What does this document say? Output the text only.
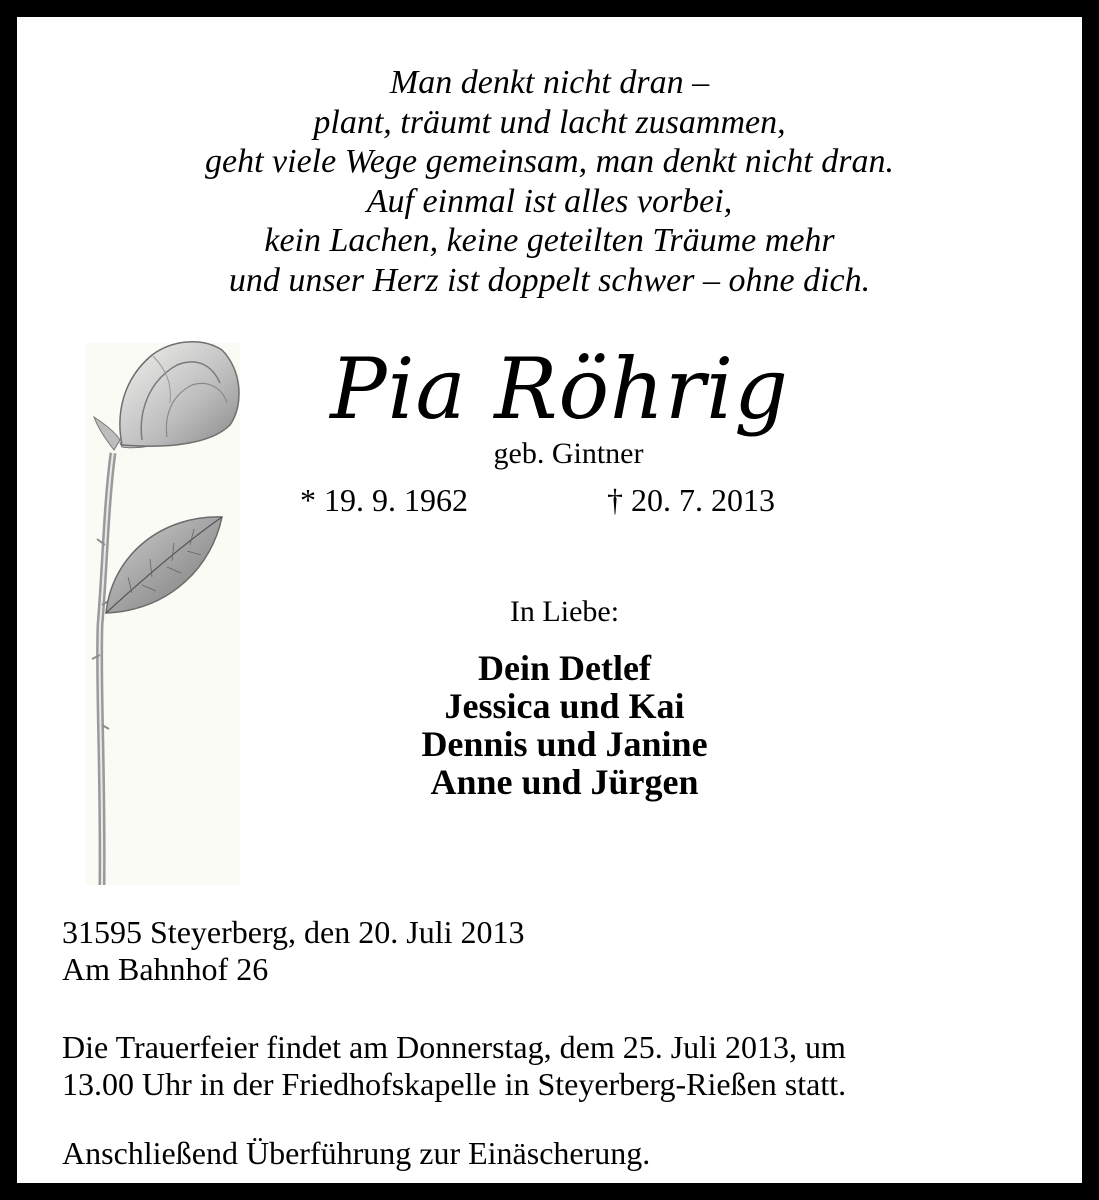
Man denkt nicht dran –
plant, träumt und lacht zusammen,
geht viele Wege gemeinsam, man denkt nicht dran.
Auf einmal ist alles vorbei,
kein Lachen, keine geteilten Träume mehr
und unser Herz ist doppelt schwer – ohne dich.
Pia Röhrig
geb. Gintner
* 19. 9. 1962	† 20. 7. 2013
In Liebe:
Dein Detlef
Jessica und Kai
Dennis und Janine
Anne und Jürgen
31595 Steyerberg, den 20. Juli 2013
Am Bahnhof 26
Die Trauerfeier findet am Donnerstag, dem 25. Juli 2013, um
13.00 Uhr in der Friedhofskapelle in Steyerberg-Rießen statt.
Anschließend Überführung zur Einäscherung.
